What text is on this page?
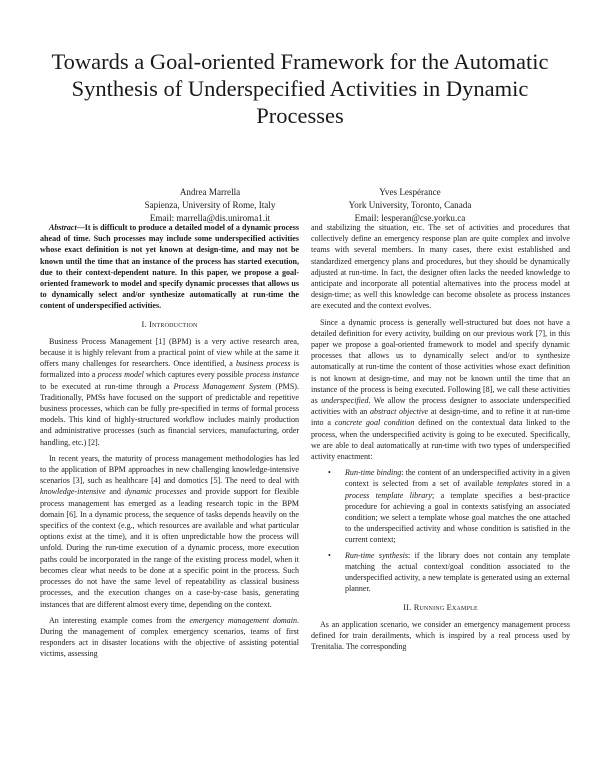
Towards a Goal-oriented Framework for the Automatic Synthesis of Underspecified Activities in Dynamic Processes
Andrea Marrella
Sapienza, University of Rome, Italy
Email: marrella@dis.uniroma1.it
Yves Lespérance
York University, Toronto, Canada
Email: lesperan@cse.yorku.ca

Abstract—It is difficult to produce a detailed model of a dynamic process ahead of time. Such processes may include some underspecified activities whose exact definition is not yet known at design-time, and may not be known until the time that an instance of the process has started execution, due to their context-dependent nature. In this paper, we propose a goal-oriented framework to model and specify dynamic processes that allows us to dynamically select and/or synthesize automatically at run-time the content of underspecified activities.

I. Introduction

Business Process Management [1] (BPM) is a very active research area, because it is highly relevant from a practical point of view while at the same it offers many challenges for researchers. Once identified, a business process is formalized into a process model which captures every possible process instance to be executed at run-time through a Process Management System (PMS). Traditionally, PMSs have focused on the support of predictable and repetitive business processes, which can be fully pre-specified in terms of formal process models. This kind of highly-structured workflow includes mainly production and administrative processes (such as financial services, manufacturing, order handling, etc.) [2].

In recent years, the maturity of process management methodologies has led to the application of BPM approaches in new challenging knowledge-intensive scenarios [3], such as healthcare [4] and domotics [5]. The need to deal with knowledge-intensive and dynamic processes and provide support for flexible process management has emerged as a leading research topic in the BPM domain [6]. In a dynamic process, the sequence of tasks depends heavily on the specifics of the context (e.g., which resources are available and what particular options exist at the time), and it is often unpredictable how the process will unfold. During the run-time execution of a dynamic process, more execution paths could be incorporated in the range of the existing process model, when it becomes clear what needs to be done at a specific point in the process. Such processes do not have the same level of repeatability as classical business processes, and the execution changes on a case-by-case basis, generating instances that are different almost every time, depending on the context.

An interesting example comes from the emergency management domain. During the management of complex emergency scenarios, teams of first responders act in disaster locations with the objective of assisting potential victims, assessing

and stabilizing the situation, etc. The set of activities and procedures that collectively define an emergency response plan are quite complex and involve teams with several members. In many cases, there exist established and standardized emergency plans and procedures, but they should be dynamically adjusted at run-time. In fact, the designer often lacks the needed knowledge to anticipate and incorporate all potential alternatives into the process model at design-time; as well this knowledge can become obsolete as process instances are executed and the context evolves.

Since a dynamic process is generally well-structured but does not have a detailed definition for every activity, building on our previous work [7], in this paper we propose a goal-oriented framework to model and specify dynamic processes that allows us to dynamically select and/or to synthesize automatically at run-time the content of those activities whose exact definition is not known at design-time, and may not be known until the time that an instance of the process is being executed. Following [8], we call these activities as underspecified. We allow the process designer to associate underspecified activities with an abstract objective at design-time, and to refine it at run-time into a concrete goal condition defined on the contextual data linked to the process, when the underspecified activity is going to be executed. Specifically, we are able to deal automatically at run-time with two types of underspecified activity enactment:

• Run-time binding: the content of an underspecified activity in a given context is selected from a set of available templates stored in a process template library; a template specifies a best-practice procedure for achieving a goal in contexts satisfying an associated condition; we select a template whose goal matches the one attached to the underspecified activity and whose condition is satisfied in the current context;
• Run-time synthesis: if the library does not contain any template matching the actual context/goal condition associated to the underspecified activity, a new template is generated using an external planner.
II. Running Example

As an application scenario, we consider an emergency management process defined for train derailments, which is inspired by a real process used by Trenitalia. The corresponding
